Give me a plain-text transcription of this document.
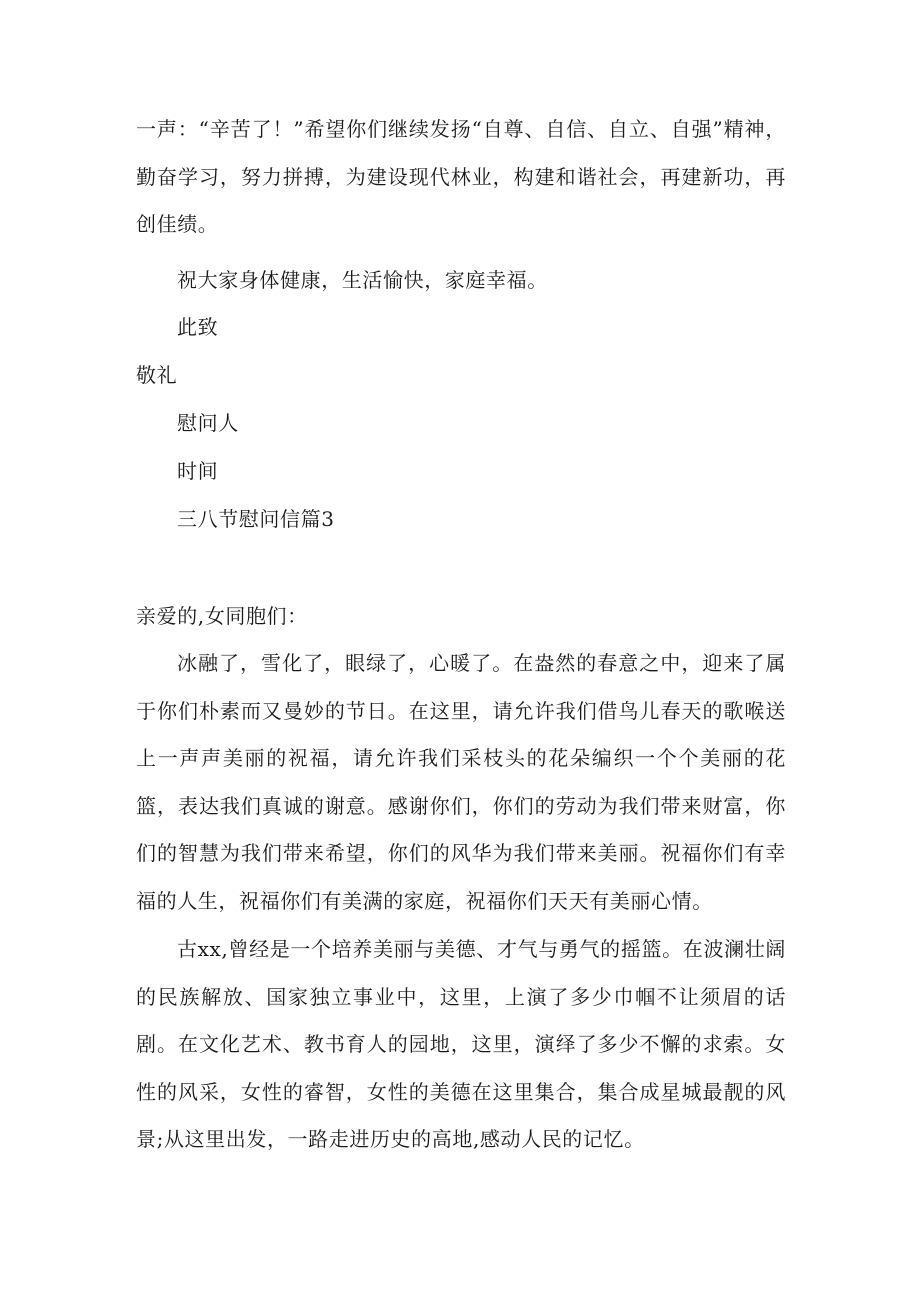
一声：“辛苦了！”希望你们继续发扬“自尊、自信、自立、自强”精神，勤奋学习，努力拼搏，为建设现代林业，构建和谐社会，再建新功，再创佳绩。
祝大家身体健康，生活愉快，家庭幸福。
此致
敬礼
慰问人
时间
三八节慰问信篇3
亲爱的,女同胞们：
冰融了，雪化了，眼绿了，心暖了。在盎然的春意之中，迎来了属于你们朴素而又曼妙的节日。在这里，请允许我们借鸟儿春天的歌喉送上一声声美丽的祝福，请允许我们采枝头的花朵编织一个个美丽的花篮，表达我们真诚的谢意。感谢你们，你们的劳动为我们带来财富，你们的智慧为我们带来希望，你们的风华为我们带来美丽。祝福你们有幸福的人生，祝福你们有美满的家庭，祝福你们天天有美丽心情。
古xx,曾经是一个培养美丽与美德、才气与勇气的摇篮。在波澜壮阔的民族解放、国家独立事业中，这里，上演了多少巾帼不让须眉的话剧。在文化艺术、教书育人的园地，这里，演绎了多少不懈的求索。女性的风采，女性的睿智，女性的美德在这里集合，集合成星城最靓的风景;从这里出发，一路走进历史的高地,感动人民的记忆。
